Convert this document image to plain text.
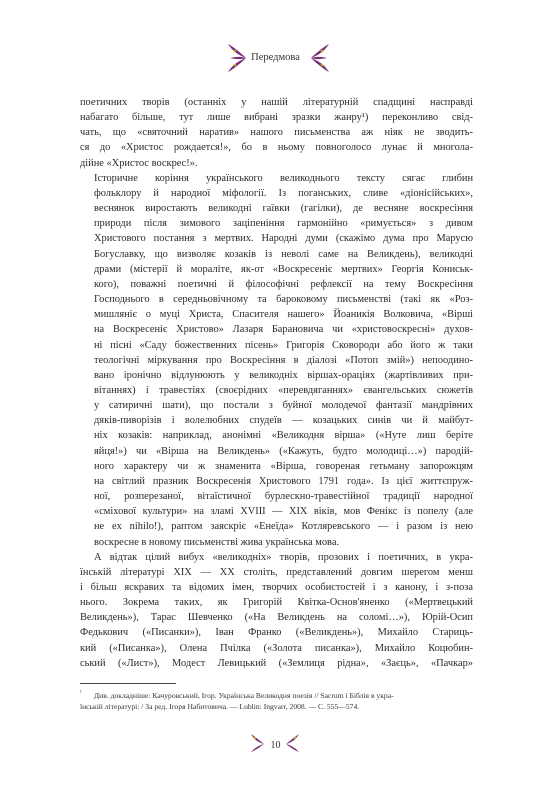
Передмова

поетичних творів (останніх у нашій літературній спадщині насправді
набагато більше, тут лише вибрані зразки жанру¹) переконливо свід-
чать, що «святочний наратив» нашого письменства аж ніяк не зводить-
ся до «Христос рождается!», бо в ньому повноголосо лунає й многола-
дійне «Христос воскрес!».

Історичне коріння українського великоднього тексту сягає глибин
фольклору й народної міфології. Із поганських, сливе «діонісійських»,
веснянок виростають великодні гаївки (гагілки), де весняне воскресіння
природи після зимового заціпеніння гармонійно «римується» з дивом
Христового постання з мертвих. Народні думи (скажімо дума про Марусю
Богуславку, що визволяє козаків із неволі саме на Великдень), великодні
драми (містерії й мораліте, як-от «Воскресеніє мертвих» Георгія Кониськ-
кого), поважні поетичні й філософічні рефлексії на тему Воскресіння
Господнього в середньовічному та бароковому письменстві (такі як «Роз-
мишляніє о муці Христа, Спасителя нашего» Йоаникія Волковича, «Вірші
на Воскресеніє Христово» Лазаря Барановича чи «христовоскресні» духов-
ні пісні «Саду божественних пісень» Григорія Сковороди або його ж таки
теологічні міркування про Воскресіння в діалозі «Потоп змій») непоодино-
вано іронічно відлунюють у великодніх віршах-ораціях (жартівливих при-
вітаннях) і травестіях (своєрідних «перевдяганнях» євангельських сюжетів
у сатиричні шати), що постали з буйної молодечої фантазії мандрівних
дяків-пиворізів і волелюбних спудеїв — козацьких синів чи й майбут-
ніх козаків: наприклад, анонімні «Великодня вірша» («Нуте лиш беріте
яйця!») чи «Вірша на Великдень» («Кажуть, будто молодиці…») пародій-
ного характеру чи ж знаменита «Вірша, говореная гетьману запорожцям
на світлий празник Воскресенія Христового 1791 года». Із цієї життєпруж-
ної, розперезаної, вітаїстичної бурлескно-травестійної традиції народної
«сміхової культури» на зламі XVIII — XIX віків, мов Фенікс із попелу (але
не ex nihilo!), раптом заяскріє «Енеїда» Котляревського — і разом із нею
воскресне в новому письменстві жива українська мова.

А відтак цілий вибух «великодніх» творів, прозових і поетичних, в укра-
їнській літературі XIX — XX століть, представлений довгим шерегом менш
і більш яскравих та відомих імен, творчих особистостей і з канону, і з-поза
нього. Зокрема таких, як Григорій Квітка-Основ'яненко («Мертвецький
Великдень»), Тарас Шевченко («На Великдень на соломі…»), Юрій-Осип
Федькович («Писанки»), Іван Франко («Великдень»), Михайло Стариць-
кий («Писанка»), Олена Пчілка («Золота писанка»), Михайло Коцюбин-
ський («Лист»), Модест Левицький («Землиця рідна», «Заєць», «Пачкар»

¹	Див. докладніше: Качуровський, Ігор. Українська Великодня поезія // Sacrum і Біблія в укра-
їнській літературі: / За ред. Ігоря Набитовича. — Lublin: Ingvarr, 2008. — С. 555—574.
10
